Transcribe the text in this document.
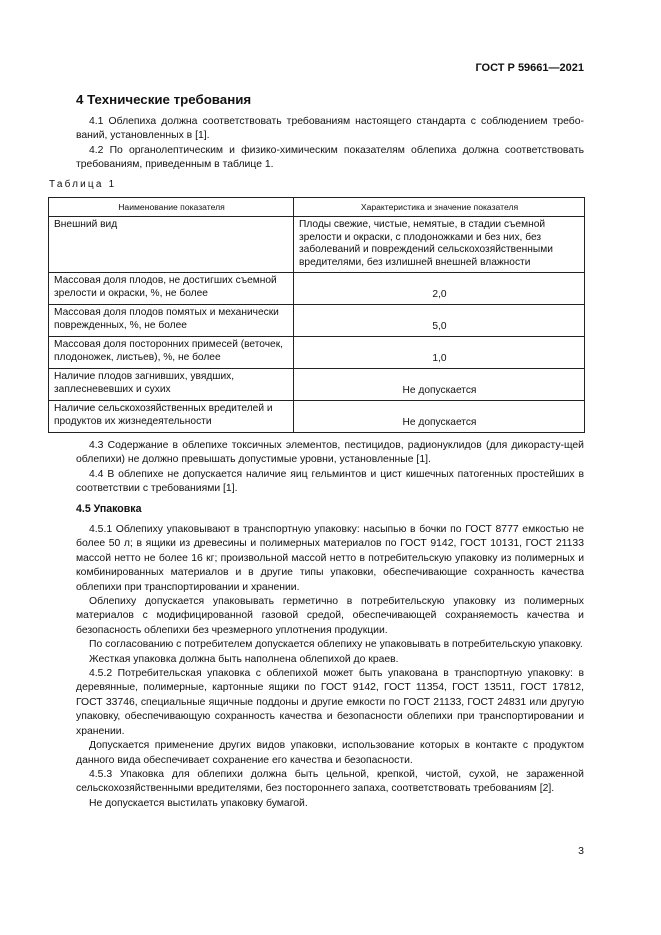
ГОСТ Р 59661—2021
4 Технические требования

4.1 Облепиха должна соответствовать требованиям настоящего стандарта с соблюдением требо-ваний, установленных в [1].

4.2 По органолептическим и физико-химическим показателям облепиха должна соответствовать требованиям, приведенным в таблице 1.

Таблица 1
Наименование показателя	Характеристика и значение показателя
Внешний вид	Плоды свежие, чистые, немятые, в стадии съемной зрелости и окраски, с плодоножками и без них, без заболеваний и повреждений сельскохозяйственными вредителями, без излишней внешней влажности
Массовая доля плодов, не достигших съемной зрелости и окраски, %, не более	2,0
Массовая доля плодов помятых и механически поврежденных, %, не более	5,0
Массовая доля посторонних примесей (веточек, плодоножек, листьев), %, не более	1,0
Наличие плодов загнивших, увядших, заплесневевших и сухих	Не допускается
Наличие сельскохозяйственных вредителей и продуктов их жизнедеятельности	Не допускается

4.3 Содержание в облепихе токсичных элементов, пестицидов, радионуклидов (для дикорасту-щей облепихи) не должно превышать допустимые уровни, установленные [1].

4.4 В облепихе не допускается наличие яиц гельминтов и цист кишечных патогенных простейших в соответствии с требованиями [1].

4.5 Упаковка

4.5.1 Облепиху упаковывают в транспортную упаковку: насыпью в бочки по ГОСТ 8777 емкостью не более 50 л; в ящики из древесины и полимерных материалов по ГОСТ 9142, ГОСТ 10131, ГОСТ 21133 массой нетто не более 16 кг; произвольной массой нетто в потребительскую упаковку из полимерных и комбинированных материалов и в другие типы упаковки, обеспечивающие сохранность качества облепихи при транспортировании и хранении.

Облепиху допускается упаковывать герметично в потребительскую упаковку из полимерных материалов с модифицированной газовой средой, обеспечивающей сохраняемость качества и безопасность облепихи без чрезмерного уплотнения продукции.

По согласованию с потребителем допускается облепиху не упаковывать в потребительскую упаковку.

Жесткая упаковка должна быть наполнена облепихой до краев.

4.5.2 Потребительская упаковка с облепихой может быть упакована в транспортную упаковку: в деревянные, полимерные, картонные ящики по ГОСТ 9142, ГОСТ 11354, ГОСТ 13511, ГОСТ 17812, ГОСТ 33746, специальные ящичные поддоны и другие емкости по ГОСТ 21133, ГОСТ 24831 или другую упаковку, обеспечивающую сохранность качества и безопасности облепихи при транспортировании и хранении.

Допускается применение других видов упаковки, использование которых в контакте с продуктом данного вида обеспечивает сохранение его качества и безопасности.

4.5.3 Упаковка для облепихи должна быть цельной, крепкой, чистой, сухой, не зараженной сельскохозяйственными вредителями, без постороннего запаха, соответствовать требованиям [2].

Не допускается выстилать упаковку бумагой.

3
